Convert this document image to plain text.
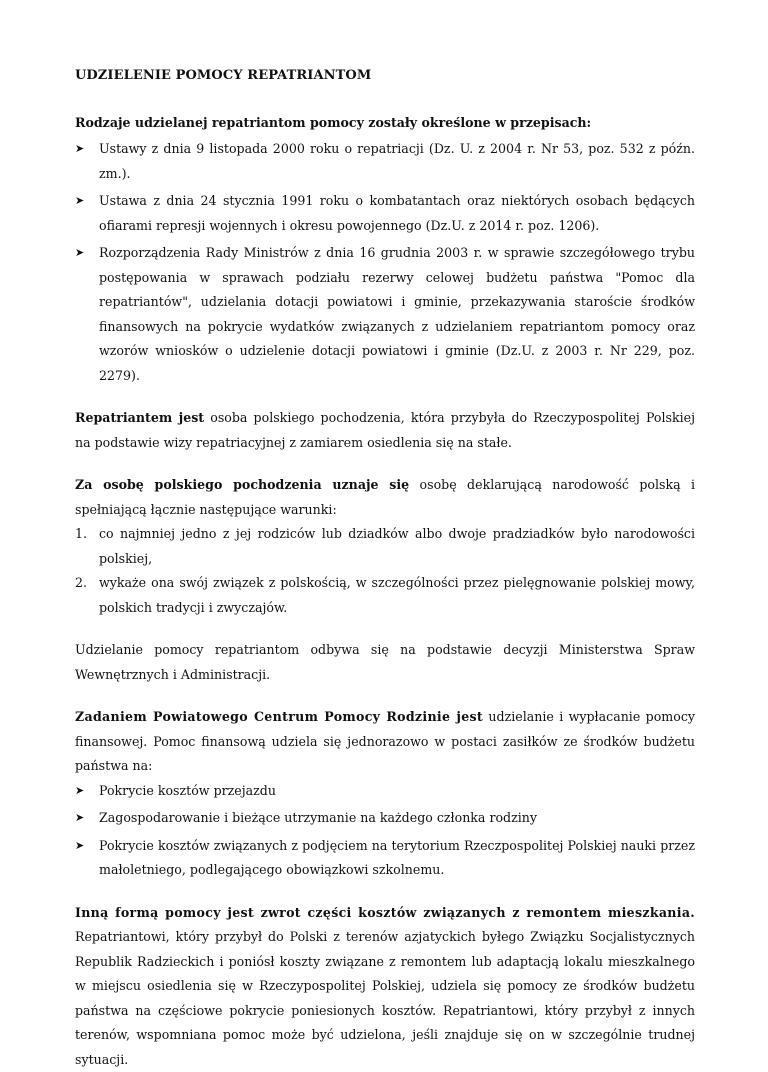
UDZIELENIE POMOCY REPATRIANTOM

Rodzaje udzielanej repatriantom pomocy zostały określone w przepisach:

➤	Ustawy z dnia 9 listopada 2000 roku o repatriacji (Dz. U. z 2004 r. Nr 53, poz. 532 z późn. zm.).
➤	Ustawa z dnia 24 stycznia 1991 roku o kombatantach oraz niektórych osobach będących ofiarami represji wojennych i okresu powojennego (Dz.U. z 2014 r. poz. 1206).
➤	Rozporządzenia Rady Ministrów z dnia 16 grudnia 2003 r. w sprawie szczegółowego trybu postępowania w sprawach podziału rezerwy celowej budżetu państwa "Pomoc dla repatriantów", udzielania dotacji powiatowi i gminie, przekazywania staroście środków finansowych na pokrycie wydatków związanych z udzielaniem repatriantom pomocy oraz wzorów wniosków o udzielenie dotacji powiatowi i gminie (Dz.U. z 2003 r. Nr 229, poz. 2279).

Repatriantem jest osoba polskiego pochodzenia, która przybyła do Rzeczypospolitej Polskiej na podstawie wizy repatriacyjnej z zamiarem osiedlenia się na stałe.

Za osobę polskiego pochodzenia uznaje się osobę deklarującą narodowość polską i spełniającą łącznie następujące warunki:

1. co najmniej jedno z jej rodziców lub dziadków albo dwoje pradziadków było narodowości polskiej,
2. wykaże ona swój związek z polskością, w szczególności przez pielęgnowanie polskiej mowy, polskich tradycji i zwyczajów.

Udzielanie pomocy repatriantom odbywa się na podstawie decyzji Ministerstwa Spraw Wewnętrznych i Administracji.

Zadaniem Powiatowego Centrum Pomocy Rodzinie jest udzielanie i wypłacanie pomocy finansowej. Pomoc finansową udziela się jednorazowo w postaci zasiłków ze środków budżetu państwa na:

➤	Pokrycie kosztów przejazdu
➤	Zagospodarowanie i bieżące utrzymanie na każdego członka rodziny
➤	Pokrycie kosztów związanych z podjęciem na terytorium Rzeczpospolitej Polskiej nauki przez małoletniego, podlegającego obowiązkowi szkolnemu.

Inną formą pomocy jest zwrot części kosztów związanych z remontem mieszkania. Repatriantowi, który przybył do Polski z terenów azjatyckich byłego Związku Socjalistycznych Republik Radzieckich i poniósł koszty związane z remontem lub adaptacją lokalu mieszkalnego w miejscu osiedlenia się w Rzeczypospolitej Polskiej, udziela się pomocy ze środków budżetu państwa na częściowe pokrycie poniesionych kosztów. Repatriantowi, który przybył z innych terenów, wspomniana pomoc może być udzielona, jeśli znajduje się on w szczególnie trudnej sytuacji.
